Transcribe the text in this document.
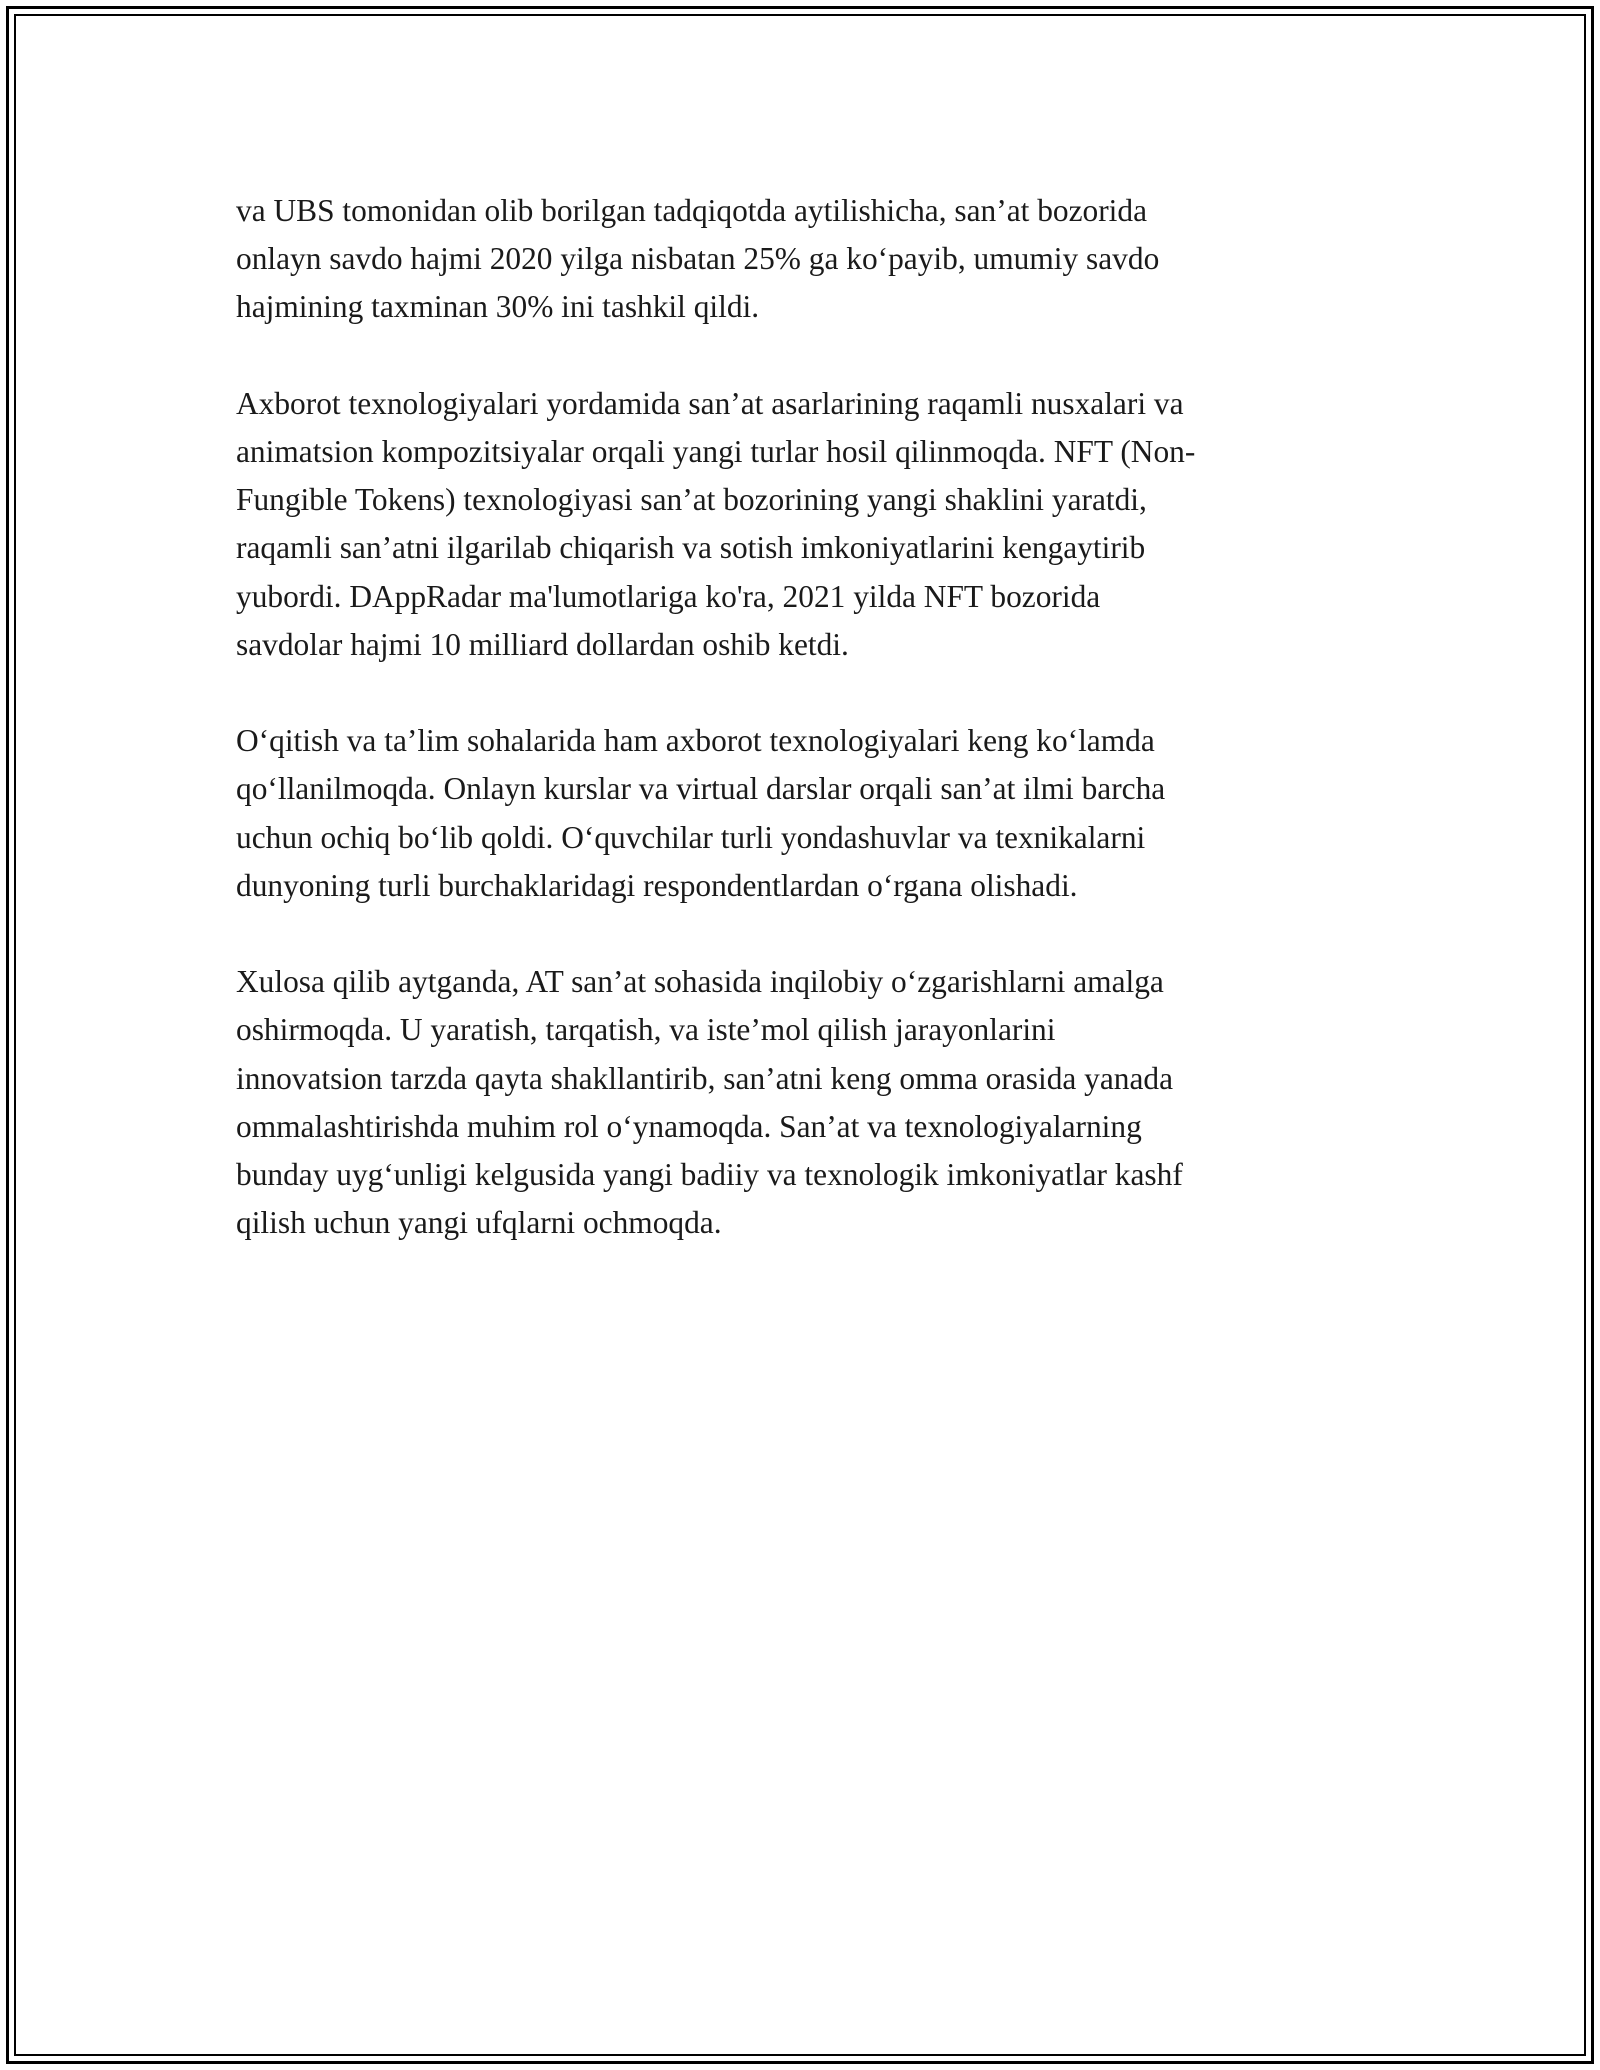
va UBS tomonidan olib borilgan tadqiqotda aytilishicha, san’at bozorida
onlayn savdo hajmi 2020 yilga nisbatan 25% ga ko‘payib, umumiy savdo
hajmining taxminan 30% ini tashkil qildi.

Axborot texnologiyalari yordamida san’at asarlarining raqamli nusxalari va
animatsion kompozitsiyalar orqali yangi turlar hosil qilinmoqda. NFT (Non-
Fungible Tokens) texnologiyasi san’at bozorining yangi shaklini yaratdi,
raqamli san’atni ilgarilab chiqarish va sotish imkoniyatlarini kengaytirib
yubordi. DAppRadar ma'lumotlariga ko'ra, 2021 yilda NFT bozorida
savdolar hajmi 10 milliard dollardan oshib ketdi.

O‘qitish va ta’lim sohalarida ham axborot texnologiyalari keng ko‘lamda
qo‘llanilmoqda. Onlayn kurslar va virtual darslar orqali san’at ilmi barcha
uchun ochiq bo‘lib qoldi. O‘quvchilar turli yondashuvlar va texnikalarni
dunyoning turli burchaklaridagi respondentlardan o‘rgana olishadi.

Xulosa qilib aytganda, AT san’at sohasida inqilobiy o‘zgarishlarni amalga
oshirmoqda. U yaratish, tarqatish, va iste’mol qilish jarayonlarini
innovatsion tarzda qayta shakllantirib, san’atni keng omma orasida yanada
ommalashtirishda muhim rol o‘ynamoqda. San’at va texnologiyalarning
bunday uyg‘unligi kelgusida yangi badiiy va texnologik imkoniyatlar kashf
qilish uchun yangi ufqlarni ochmoqda.
